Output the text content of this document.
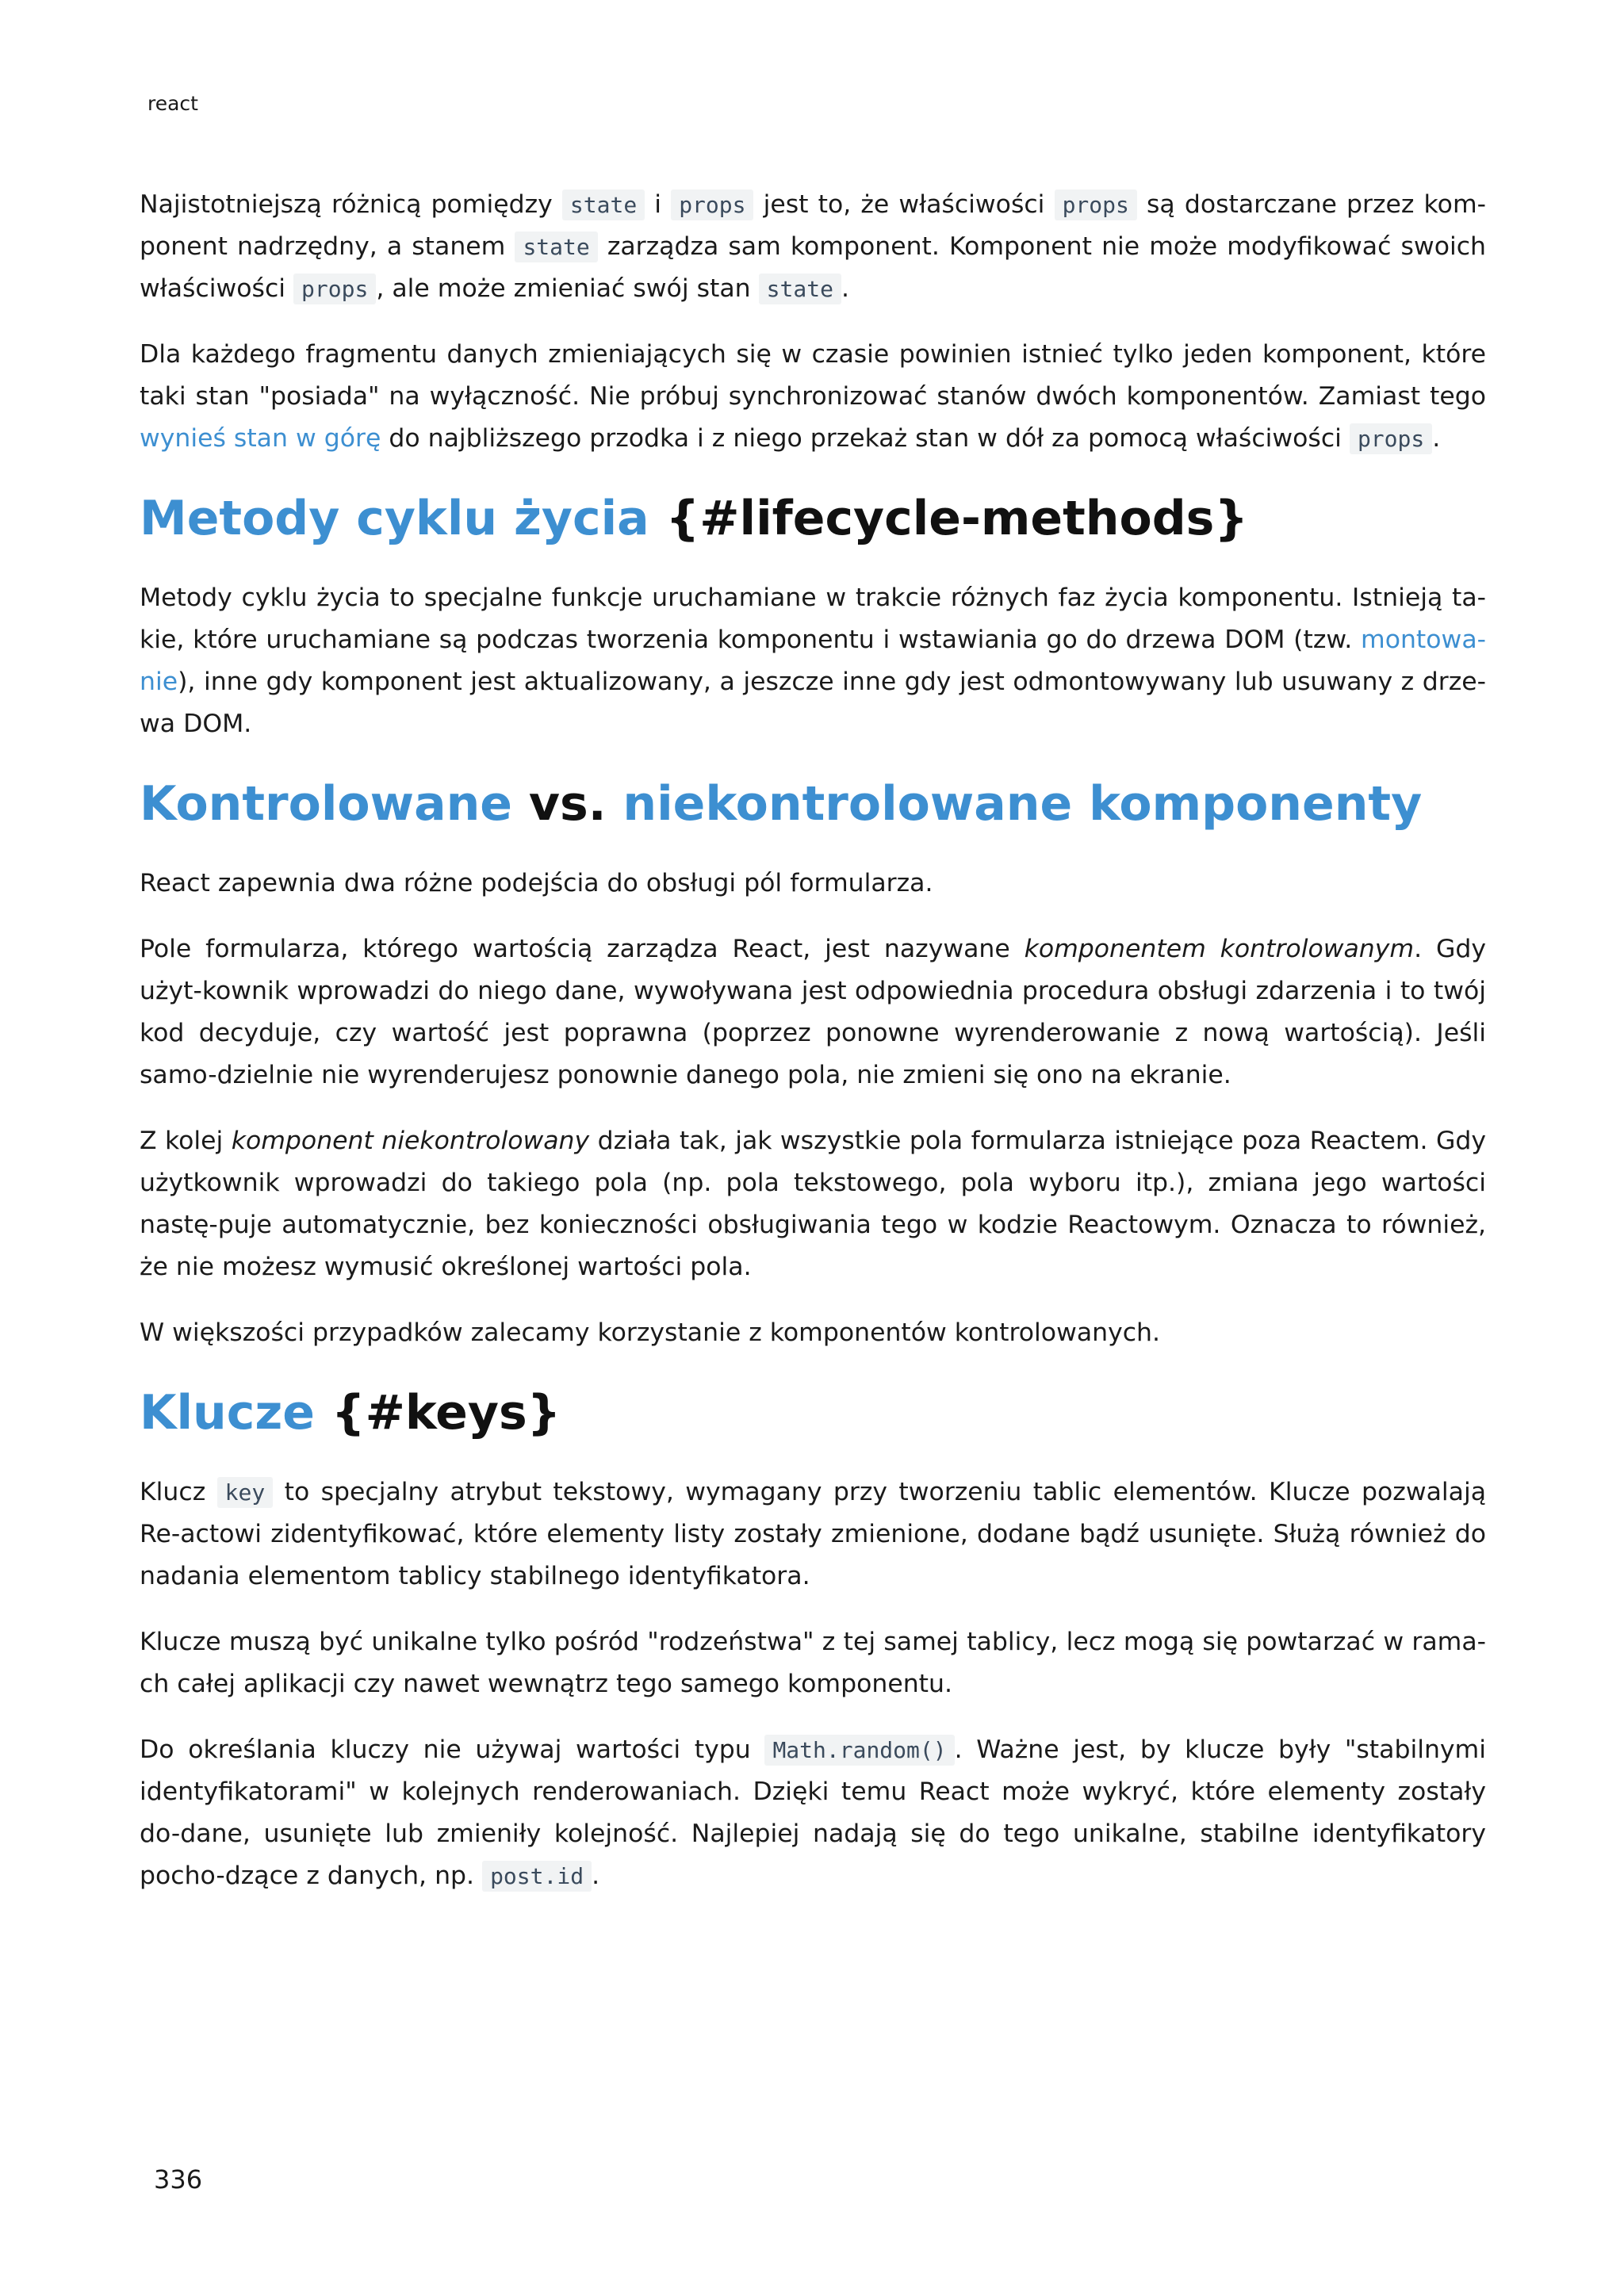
react

Najistotniejszą różnicą pomiędzy state i props jest to, że właściwości props są dostarczane przez kom-ponent nadrzędny, a stanem state zarządza sam komponent. Komponent nie może modyfikować swoich właściwości props , ale może zmieniać swój stan state .

Dla każdego fragmentu danych zmieniających się w czasie powinien istnieć tylko jeden komponent, które taki stan "posiada" na wyłączność. Nie próbuj synchronizować stanów dwóch komponentów. Zamiast tego wynieś stan w górę do najbliższego przodka i z niego przekaż stan w dół za pomocą właściwości props .

Metody cyklu życia {#lifecycle-methods}

Metody cyklu życia to specjalne funkcje uruchamiane w trakcie różnych faz życia komponentu. Istnieją ta-kie, które uruchamiane są podczas tworzenia komponentu i wstawiania go do drzewa DOM (tzw. montowa-nie), inne gdy komponent jest aktualizowany, a jeszcze inne gdy jest odmontowywany lub usuwany z drze-wa DOM.

Kontrolowane vs. niekontrolowane komponenty

React zapewnia dwa różne podejścia do obsługi pól formularza.

Pole formularza, którego wartością zarządza React, jest nazywane komponentem kontrolowanym. Gdy użyt-kownik wprowadzi do niego dane, wywoływana jest odpowiednia procedura obsługi zdarzenia i to twój kod decyduje, czy wartość jest poprawna (poprzez ponowne wyrenderowanie z nową wartością). Jeśli samo-dzielnie nie wyrenderujesz ponownie danego pola, nie zmieni się ono na ekranie.

Z kolej komponent niekontrolowany działa tak, jak wszystkie pola formularza istniejące poza Reactem. Gdy użytkownik wprowadzi do takiego pola (np. pola tekstowego, pola wyboru itp.), zmiana jego wartości nastę-puje automatycznie, bez konieczności obsługiwania tego w kodzie Reactowym. Oznacza to również, że nie możesz wymusić określonej wartości pola.

W większości przypadków zalecamy korzystanie z komponentów kontrolowanych.

Klucze {#keys}

Klucz key to specjalny atrybut tekstowy, wymagany przy tworzeniu tablic elementów. Klucze pozwalają Re-actowi zidentyfikować, które elementy listy zostały zmienione, dodane bądź usunięte. Służą również do nadania elementom tablicy stabilnego identyfikatora.

Klucze muszą być unikalne tylko pośród "rodzeństwa" z tej samej tablicy, lecz mogą się powtarzać w rama-ch całej aplikacji czy nawet wewnątrz tego samego komponentu.

Do określania kluczy nie używaj wartości typu Math.random() . Ważne jest, by klucze były "stabilnymi identyfikatorami" w kolejnych renderowaniach. Dzięki temu React może wykryć, które elementy zostały do-dane, usunięte lub zmieniły kolejność. Najlepiej nadają się do tego unikalne, stabilne identyfikatory pocho-dzące z danych, np. post.id .

336
